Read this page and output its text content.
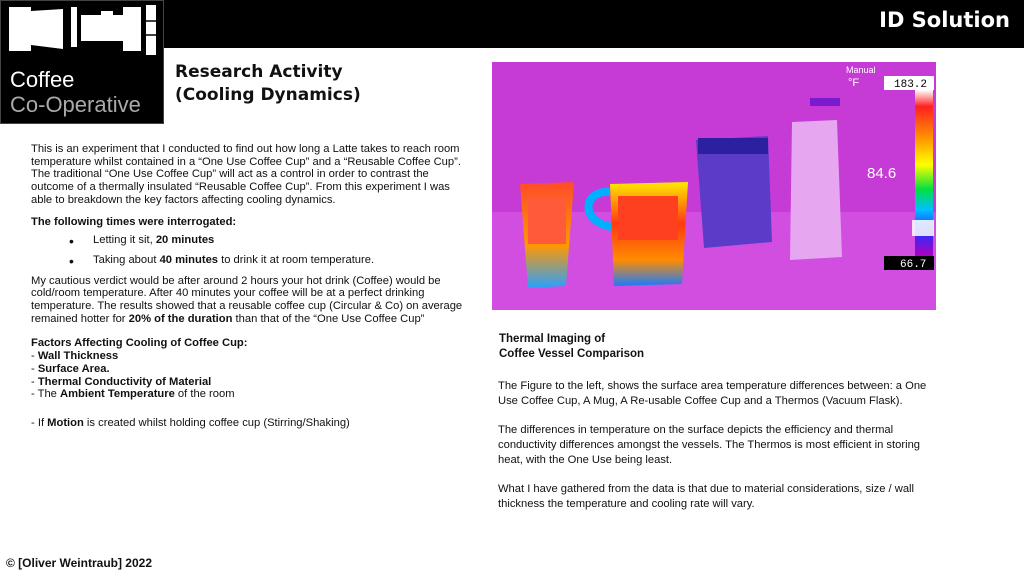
ID Solution
Coffee
Co-Operative
Research Activity
(Cooling Dynamics)

This is an experiment that I conducted to find out how long a Latte takes to reach room temperature whilst contained in a “One Use Coffee Cup” and a “Reusable Coffee Cup”. The traditional “One Use Coffee Cup” will act as a control in order to contrast the outcome of a thermally insulated “Reusable Coffee Cup”. From this experiment I was able to breakdown the key factors affecting cooling dynamics.

The following times were interrogated:

• Letting it sit, 20 minutes
• Taking about 40 minutes to drink it at room temperature.

My cautious verdict would be after around 2 hours your hot drink (Coffee) would be cold/room temperature. After 40 minutes your coffee will be at a perfect drinking temperature. The results showed that a reusable coffee cup (Circular & Co) on average remained hotter for 20% of the duration than that of the “One Use Coffee Cup”

Factors Affecting Cooling of Coffee Cup:

- Wall Thickness

- Surface Area.

- Thermal Conductivity of Material

- The Ambient Temperature of the room

- If Motion is created whilst holding coffee cup (Stirring/Shaking)

© [Oliver Weintraub] 2022
Manual
°F	183.2
84.6
66.7
Thermal Imaging of
Coffee Vessel Comparison

The Figure to the left, shows the surface area temperature differences between: a One Use Coffee Cup, A Mug, A Re-usable Coffee Cup and a Thermos (Vacuum Flask).

The differences in temperature on the surface depicts the efficiency and thermal conductivity differences amongst the vessels. The Thermos is most efficient in storing heat, with the One Use being least.

What I have gathered from the data is that due to material considerations, size / wall thickness the temperature and cooling rate will vary.
